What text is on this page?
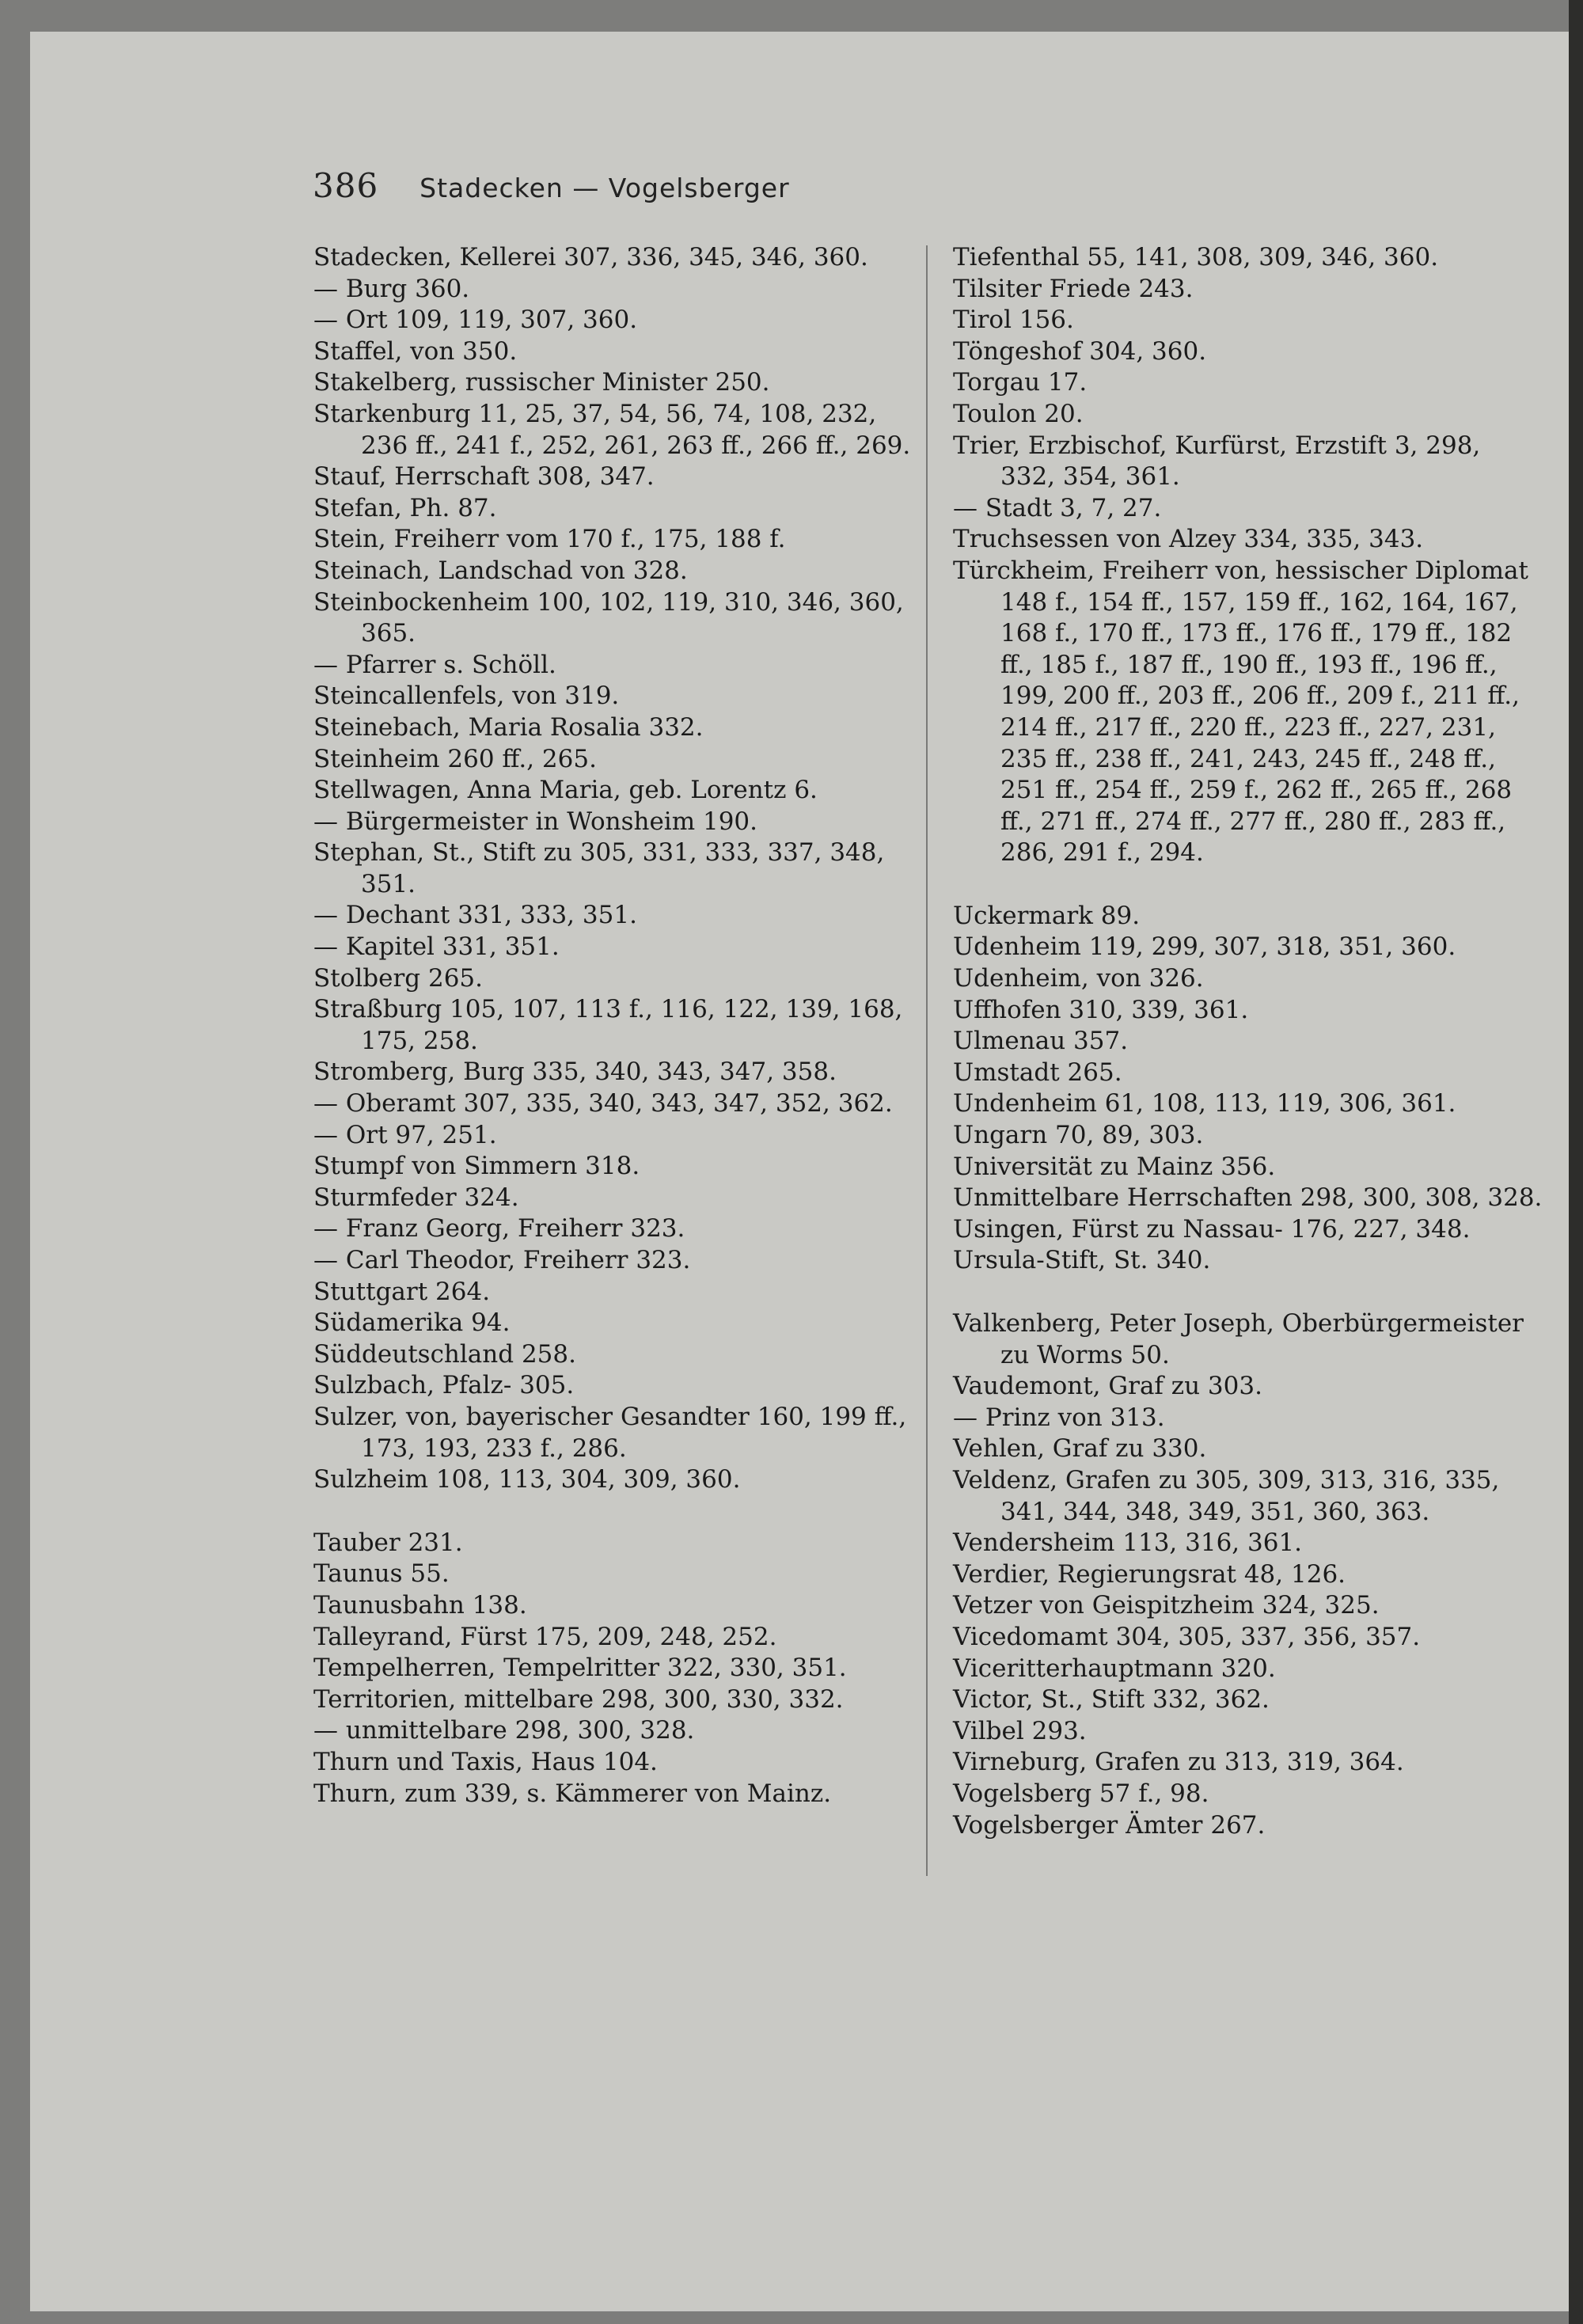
386 Stadecken — Vogelsberger

Stadecken, Kellerei 307, 336, 345, 346, 360.

— Burg 360.

— Ort 109, 119, 307, 360.

Staffel, von 350.

Stakelberg, russischer Minister 250.

Starkenburg 11, 25, 37, 54, 56, 74, 108, 232, 236 ff., 241 f., 252, 261, 263 ff., 266 ff., 269.

Stauf, Herrschaft 308, 347.

Stefan, Ph. 87.

Stein, Freiherr vom 170 f., 175, 188 f.

Steinach, Landschad von 328.

Steinbockenheim 100, 102, 119, 310, 346, 360, 365.

— Pfarrer s. Schöll.

Steincallenfels, von 319.

Steinebach, Maria Rosalia 332.

Steinheim 260 ff., 265.

Stellwagen, Anna Maria, geb. Lorentz 6.

— Bürgermeister in Wonsheim 190.

Stephan, St., Stift zu 305, 331, 333, 337, 348, 351.

— Dechant 331, 333, 351.

— Kapitel 331, 351.

Stolberg 265.

Straßburg 105, 107, 113 f., 116, 122, 139, 168, 175, 258.

Stromberg, Burg 335, 340, 343, 347, 358.

— Oberamt 307, 335, 340, 343, 347, 352, 362.

— Ort 97, 251.

Stumpf von Simmern 318.

Sturmfeder 324.

— Franz Georg, Freiherr 323.

— Carl Theodor, Freiherr 323.

Stuttgart 264.

Südamerika 94.

Süddeutschland 258.

Sulzbach, Pfalz- 305.

Sulzer, von, bayerischer Gesandter 160, 199 ff., 173, 193, 233 f., 286.

Sulzheim 108, 113, 304, 309, 360.

Tauber 231.

Taunus 55.

Taunusbahn 138.

Talleyrand, Fürst 175, 209, 248, 252.

Tempelherren, Tempelritter 322, 330, 351.

Territorien, mittelbare 298, 300, 330, 332.

— unmittelbare 298, 300, 328.

Thurn und Taxis, Haus 104.

Thurn, zum 339, s. Kämmerer von Mainz.

Tiefenthal 55, 141, 308, 309, 346, 360.

Tilsiter Friede 243.

Tirol 156.

Töngeshof 304, 360.

Torgau 17.

Toulon 20.

Trier, Erzbischof, Kurfürst, Erzstift 3, 298, 332, 354, 361.

— Stadt 3, 7, 27.

Truchsessen von Alzey 334, 335, 343.

Türckheim, Freiherr von, hessischer Diplomat 148 f., 154 ff., 157, 159 ff., 162, 164, 167, 168 f., 170 ff., 173 ff., 176 ff., 179 ff., 182 ff., 185 f., 187 ff., 190 ff., 193 ff., 196 ff., 199, 200 ff., 203 ff., 206 ff., 209 f., 211 ff., 214 ff., 217 ff., 220 ff., 223 ff., 227, 231, 235 ff., 238 ff., 241, 243, 245 ff., 248 ff., 251 ff., 254 ff., 259 f., 262 ff., 265 ff., 268 ff., 271 ff., 274 ff., 277 ff., 280 ff., 283 ff., 286, 291 f., 294.

Uckermark 89.

Udenheim 119, 299, 307, 318, 351, 360.

Udenheim, von 326.

Uffhofen 310, 339, 361.

Ulmenau 357.

Umstadt 265.

Undenheim 61, 108, 113, 119, 306, 361.

Ungarn 70, 89, 303.

Universität zu Mainz 356.

Unmittelbare Herrschaften 298, 300, 308, 328.

Usingen, Fürst zu Nassau- 176, 227, 348.

Ursula-Stift, St. 340.

Valkenberg, Peter Joseph, Oberbürgermeister zu Worms 50.

Vaudemont, Graf zu 303.

— Prinz von 313.

Vehlen, Graf zu 330.

Veldenz, Grafen zu 305, 309, 313, 316, 335, 341, 344, 348, 349, 351, 360, 363.

Vendersheim 113, 316, 361.

Verdier, Regierungsrat 48, 126.

Vetzer von Geispitzheim 324, 325.

Vicedomamt 304, 305, 337, 356, 357.

Viceritterhauptmann 320.

Victor, St., Stift 332, 362.

Vilbel 293.

Virneburg, Grafen zu 313, 319, 364.

Vogelsberg 57 f., 98.

Vogelsberger Ämter 267.
